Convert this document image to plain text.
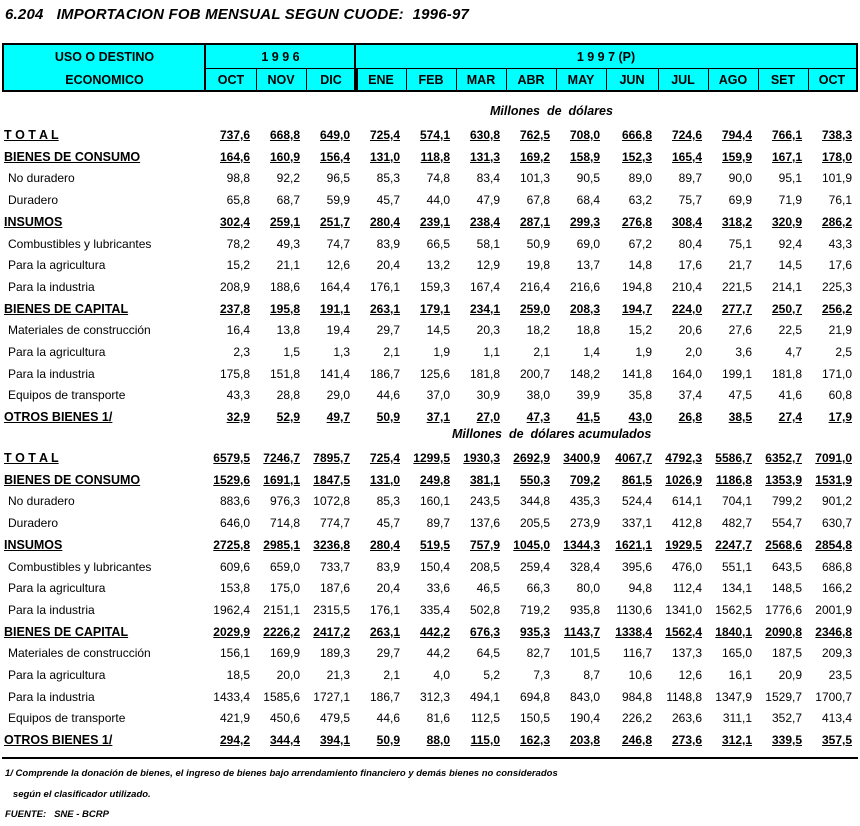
6.204   IMPORTACION FOB MENSUAL SEGUN CUODE:  1996-97
USO O DESTINO
ECONOMICO
1 9 9 6	1 9 9 7 (P)
OCT	NOV	DIC	ENE	FEB	MAR	ABR	MAY	JUN	JUL	AGO	SET	OCT
Millones  de  dólares
T O T A L	737,6 668,8 649,0 725,4 574,1 630,8 762,5 708,0 666,8 724,6 794,4 766,1 738,3
BIENES DE CONSUMO	164,6 160,9 156,4 131,0 118,8 131,3 169,2 158,9 152,3 165,4 159,9 167,1 178,0
No duradero	98,8 92,2 96,5 85,3 74,8 83,4 101,3 90,5 89,0 89,7 90,0 95,1 101,9
Duradero	65,8 68,7 59,9 45,7 44,0 47,9 67,8 68,4 63,2 75,7 69,9 71,9 76,1
INSUMOS	302,4 259,1 251,7 280,4 239,1 238,4 287,1 299,3 276,8 308,4 318,2 320,9 286,2
Combustibles y lubricantes	78,2 49,3 74,7 83,9 66,5 58,1 50,9 69,0 67,2 80,4 75,1 92,4 43,3
Para la agricultura	15,2 21,1 12,6 20,4 13,2 12,9 19,8 13,7 14,8 17,6 21,7 14,5 17,6
Para la industria	208,9 188,6 164,4 176,1 159,3 167,4 216,4 216,6 194,8 210,4 221,5 214,1 225,3
BIENES DE CAPITAL	237,8 195,8 191,1 263,1 179,1 234,1 259,0 208,3 194,7 224,0 277,7 250,7 256,2
Materiales de construcción	16,4 13,8 19,4 29,7 14,5 20,3 18,2 18,8 15,2 20,6 27,6 22,5 21,9
Para la agricultura	2,3	1,5	1,3	2,1	1,9	1,1	2,1	1,4	1,9	2,0	3,6	4,7	2,5
Para la industria	175,8 151,8 141,4 186,7 125,6 181,8 200,7 148,2 141,8 164,0 199,1 181,8 171,0
Equipos de transporte	43,3 28,8 29,0 44,6 37,0 30,9 38,0 39,9 35,8 37,4 47,5 41,6 60,8
OTROS BIENES 1/	32,9 52,9 49,7 50,9 37,1 27,0 47,3 41,5 43,0 26,8 38,5 27,4 17,9
Millones  de  dólares acumulados
T O T A L	6579,5 7246,7 7895,7 725,4 1299,5 1930,3 2692,9 3400,9 4067,7 4792,3 5586,7 6352,7 7091,0
BIENES DE CONSUMO	1529,6 1691,1 1847,5 131,0 249,8 381,1 550,3 709,2 861,5 1026,9 1186,8 1353,9 1531,9
No duradero	883,6 976,3 1072,8 85,3 160,1 243,5 344,8 435,3 524,4 614,1 704,1 799,2 901,2
Duradero	646,0 714,8 774,7 45,7 89,7 137,6 205,5 273,9 337,1 412,8 482,7 554,7 630,7
INSUMOS	2725,8 2985,1 3236,8 280,4 519,5 757,9 1045,0 1344,3 1621,1 1929,5 2247,7 2568,6 2854,8
Combustibles y lubricantes	609,6 659,0 733,7 83,9 150,4 208,5 259,4 328,4 395,6 476,0 551,1 643,5 686,8
Para la agricultura	153,8 175,0 187,6 20,4 33,6 46,5 66,3 80,0 94,8 112,4 134,1 148,5 166,2
Para la industria	1962,4 2151,1 2315,5 176,1 335,4 502,8 719,2 935,8 1130,6 1341,0 1562,5 1776,6 2001,9
BIENES DE CAPITAL	2029,9 2226,2 2417,2 263,1 442,2 676,3 935,3 1143,7 1338,4 1562,4 1840,1 2090,8 2346,8
Materiales de construcción	156,1 169,9 189,3 29,7 44,2 64,5 82,7 101,5 116,7 137,3 165,0 187,5 209,3
Para la agricultura	18,5 20,0 21,3	2,1	4,0	5,2	7,3	8,7 10,6 12,6 16,1 20,9 23,5
Para la industria	1433,4 1585,6 1727,1 186,7 312,3 494,1 694,8 843,0 984,8 1148,8 1347,9 1529,7 1700,7
Equipos de transporte	421,9 450,6 479,5 44,6 81,6 112,5 150,5 190,4 226,2 263,6 311,1 352,7 413,4
OTROS BIENES 1/	294,2 344,4 394,1 50,9 88,0 115,0 162,3 203,8 246,8 273,6 312,1 339,5 357,5
1/ Comprende la donación de bienes, el ingreso de bienes bajo arrendamiento financiero y demás bienes no considerados
según el clasificador utilizado.
FUENTE:   SNE - BCRP
